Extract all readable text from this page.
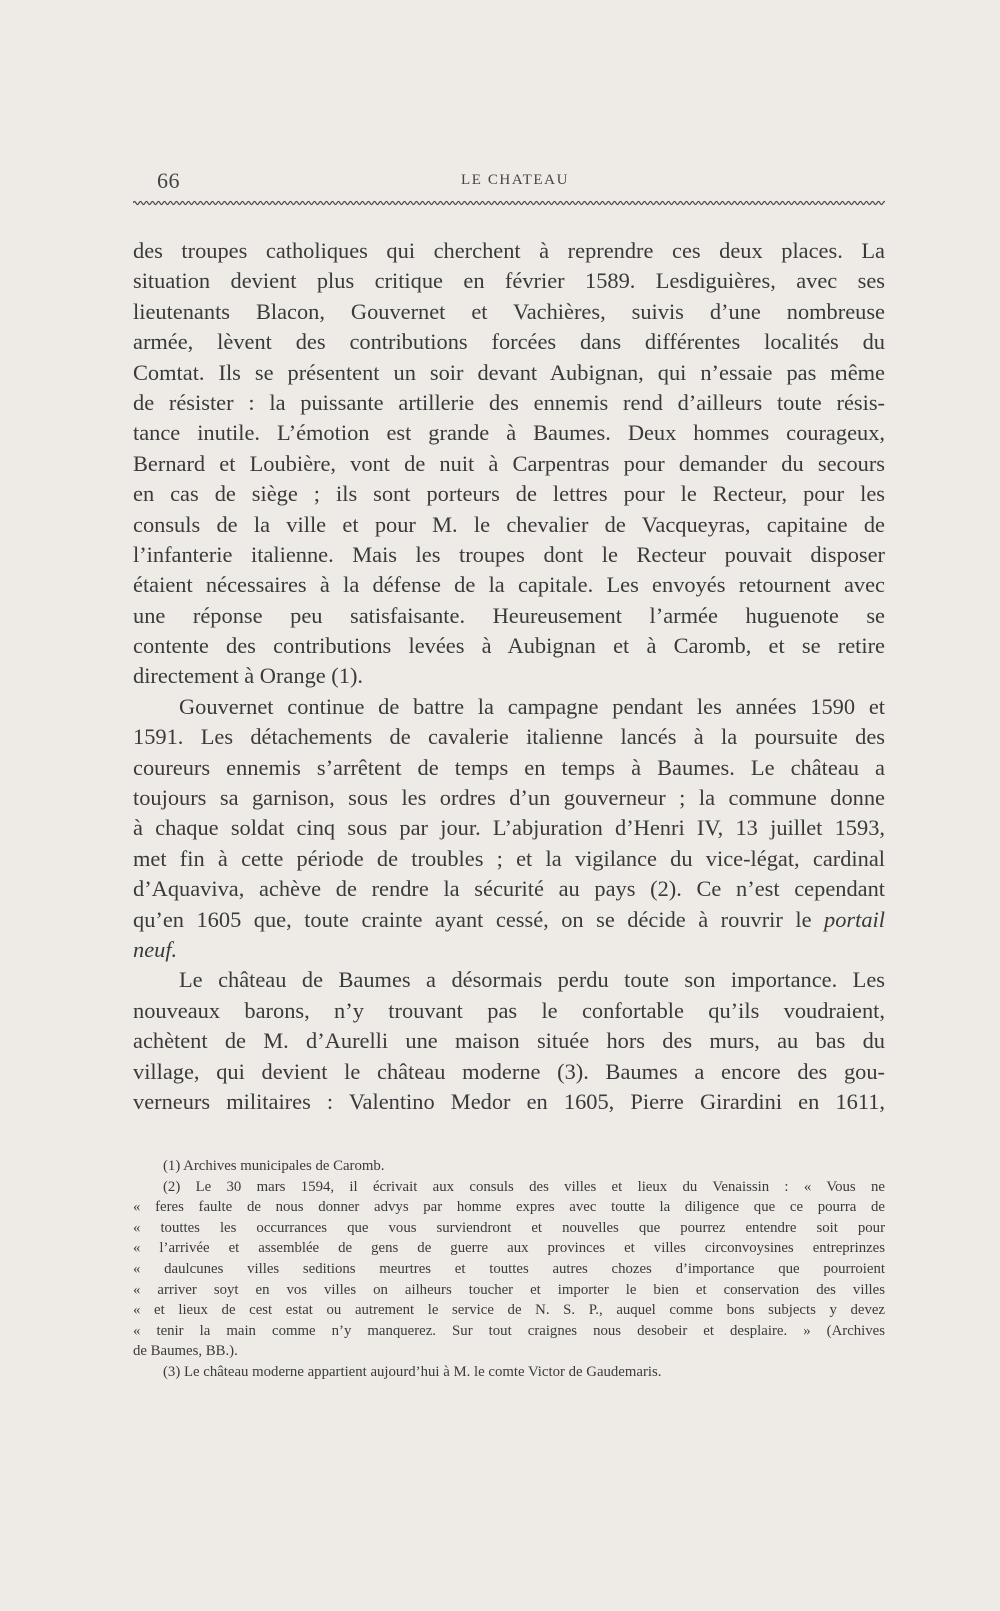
66	LE CHATEAU
des troupes catholiques qui cherchent à reprendre ces deux places. La
situation devient plus critique en février 1589. Lesdiguières, avec ses
lieutenants Blacon, Gouvernet et Vachières, suivis d’une nombreuse
armée, lèvent des contributions forcées dans différentes localités du
Comtat. Ils se présentent un soir devant Aubignan, qui n’essaie pas même
de résister : la puissante artillerie des ennemis rend d’ailleurs toute résis-
tance inutile. L’émotion est grande à Baumes. Deux hommes courageux,
Bernard et Loubière, vont de nuit à Carpentras pour demander du secours
en cas de siège ; ils sont porteurs de lettres pour le Recteur, pour les
consuls de la ville et pour M. le chevalier de Vacqueyras, capitaine de
l’infanterie italienne. Mais les troupes dont le Recteur pouvait disposer
étaient nécessaires à la défense de la capitale. Les envoyés retournent avec
une réponse peu satisfaisante. Heureusement l’armée huguenote se
contente des contributions levées à Aubignan et à Caromb, et se retire
directement à Orange (1).
Gouvernet continue de battre la campagne pendant les années 1590 et
1591. Les détachements de cavalerie italienne lancés à la poursuite des
coureurs ennemis s’arrêtent de temps en temps à Baumes. Le château a
toujours sa garnison, sous les ordres d’un gouverneur ; la commune donne
à chaque soldat cinq sous par jour. L’abjuration d’Henri IV, 13 juillet 1593,
met fin à cette période de troubles ; et la vigilance du vice-légat, cardinal
d’Aquaviva, achève de rendre la sécurité au pays (2). Ce n’est cependant
qu’en 1605 que, toute crainte ayant cessé, on se décide à rouvrir le portail
neuf.
Le château de Baumes a désormais perdu toute son importance. Les
nouveaux barons, n’y trouvant pas le confortable qu’ils voudraient,
achètent de M. d’Aurelli une maison située hors des murs, au bas du
village, qui devient le château moderne (3). Baumes a encore des gou-
verneurs militaires : Valentino Medor en 1605, Pierre Girardini en 1611,
(1) Archives municipales de Caromb.
(2) Le 30 mars 1594, il écrivait aux consuls des villes et lieux du Venaissin : « Vous ne
« feres faulte de nous donner advys par homme expres avec toutte la diligence que ce pourra de
« touttes les occurrances que vous surviendront et nouvelles que pourrez entendre soit pour
« l’arrivée et assemblée de gens de guerre aux provinces et villes circonvoysines entreprinzes
« daulcunes villes seditions meurtres et touttes autres chozes d’importance que pourroient
« arriver soyt en vos villes on ailheurs toucher et importer le bien et conservation des villes
« et lieux de cest estat ou autrement le service de N. S. P., auquel comme bons subjects y devez
« tenir la main comme n’y manquerez. Sur tout craignes nous desobeir et desplaire. » (Archives
de Baumes, BB.).
(3) Le château moderne appartient aujourd’hui à M. le comte Victor de Gaudemaris.
